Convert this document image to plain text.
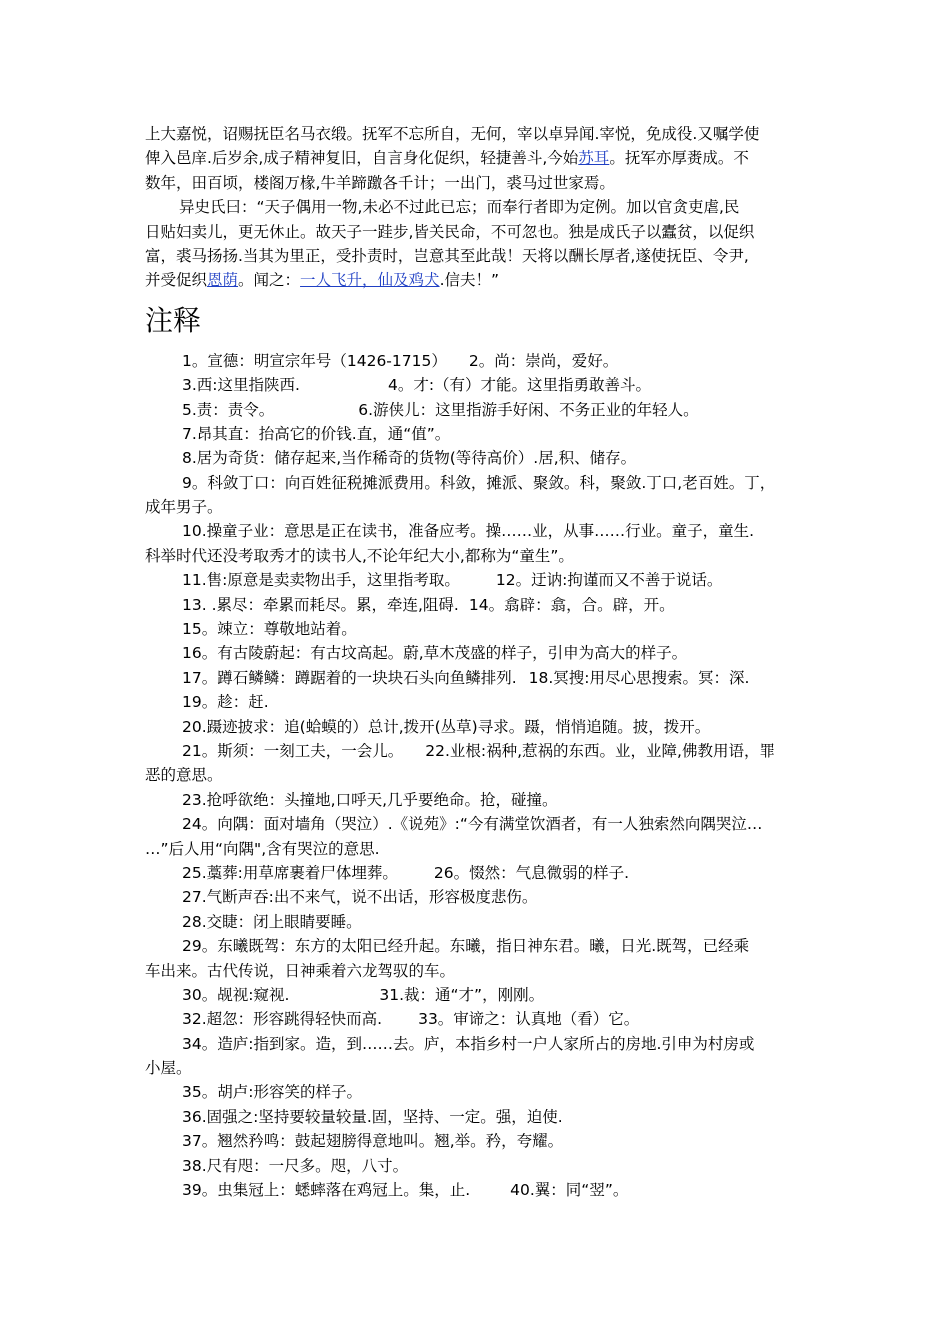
上大嘉悦，诏赐抚臣名马衣缎。抚军不忘所自，无何，宰以卓异闻.宰悦，免成役.又嘱学使
俾入邑庠.后岁余,成子精神复旧，自言身化促织，轻捷善斗,今始苏耳。抚军亦厚赉成。不
数年，田百顷，楼阁万椽,牛羊蹄躈各千计；一出门，裘马过世家焉。
异史氏曰：“天子偶用一物,未必不过此已忘；而奉行者即为定例。加以官贪吏虐,民
日贴妇卖儿，更无休止。故天子一跬步,皆关民命，不可忽也。独是成氏子以蠹贫，以促织
富，裘马扬扬.当其为里正，受扑责时，岂意其至此哉！天将以酬长厚者,遂使抚臣、令尹,
并受促织恩荫。闻之：一人飞升，仙及鸡犬.信夫！”
注释
1。宣德：明宣宗年号（1426-1715） 2。尚：崇尚，爱好。
3.西:这里指陕西.	4。才:（有）才能。这里指勇敢善斗。
5.责：责令。	6.游侠儿：这里指游手好闲、不务正业的年轻人。
7.昂其直：抬高它的价钱.直，通“值”。
8.居为奇货：储存起来,当作稀奇的货物(等待高价）.居,积、储存。
9。科敛丁口：向百姓征税摊派费用。科敛，摊派、聚敛。科，聚敛.丁口,老百姓。丁，
成年男子。
10.操童子业：意思是正在读书，准备应考。操……业，从事……行业。童子，童生.
科举时代还没考取秀才的读书人,不论年纪大小,都称为“童生”。
11.售:原意是卖卖物出手，这里指考取。 12。迂讷:拘谨而又不善于说话。
13. .累尽：牵累而耗尽。累，牵连,阻碍. 14。翕辟：翕，合。辟，开。
15。竦立：尊敬地站着。
16。有古陵蔚起：有古坟高起。蔚,草木茂盛的样子，引申为高大的样子。
17。蹲石鳞鳞：蹲踞着的一块块石头向鱼鳞排列. 18.冥搜:用尽心思搜索。冥：深.
19。趁：赶.
20.蹑迹披求：追(蛤蟆的）总计,拨开(丛草)寻求。蹑，悄悄追随。披，拨开。
21。斯须：一刻工夫，一会儿。 22.业根:祸种,惹祸的东西。业，业障,佛教用语，罪
恶的意思。
23.抢呼欲绝：头撞地,口呼天,几乎要绝命。抢，碰撞。
24。向隅：面对墙角（哭泣）.《说苑》:“今有满堂饮酒者，有一人独索然向隅哭泣…
…”后人用“向隅",含有哭泣的意思.
25.藁葬:用草席裹着尸体埋葬。 26。惙然：气息微弱的样子.
27.气断声吞:出不来气，说不出话，形容极度悲伤。
28.交睫：闭上眼睛要睡。
29。东曦既驾：东方的太阳已经升起。东曦，指日神东君。曦，日光.既驾，已经乘
车出来。古代传说，日神乘着六龙驾驭的车。
30。觇视:窥视.	31.裁：通“才”，刚刚。
32.超忽：形容跳得轻快而高. 33。审谛之：认真地（看）它。
34。造庐:指到家。造，到……去。庐，本指乡村一户人家所占的房地.引申为村房或
小屋。
35。胡卢:形容笑的样子。
36.固强之:坚持要较量较量.固，坚持、一定。强，迫使.
37。翘然矜鸣：鼓起翅膀得意地叫。翘,举。矜，夸耀。
38.尺有咫：一尺多。咫，八寸。
39。虫集冠上：蟋蟀落在鸡冠上。集，止.	40.翼：同“翌”。
